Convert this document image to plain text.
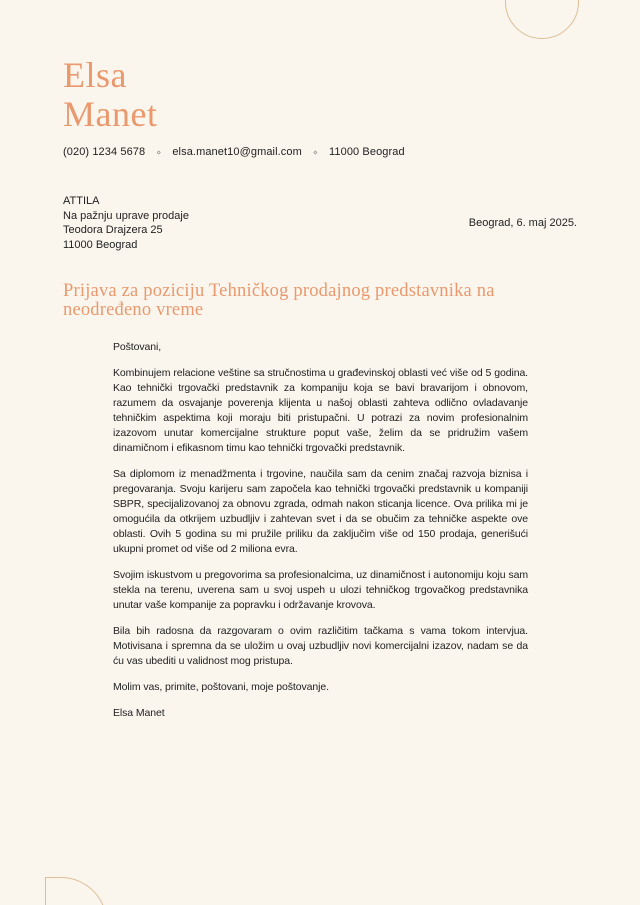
Elsa
Manet
(020) 1234 5678 ⋄ elsa.manet10@gmail.com ⋄ 11000 Beograd
ATTILA
Na pažnju uprave prodaje
Teodora Drajzera 25
11000 Beograd
Beograd, 6. maj 2025.
Prijava za poziciju Tehničkog prodajnog predstavnika na neodređeno vreme

Poštovani,

Kombinujem relacione veštine sa stručnostima u građevinskoj oblasti već više od 5 godina. Kao tehnički trgovački predstavnik za kompaniju koja se bavi bravarijom i obnovom, razumem da osvajanje poverenja klijenta u našoj oblasti zahteva odlično ovladavanje tehničkim aspektima koji moraju biti pristupačni. U potrazi za novim profesionalnim izazovom unutar komercijalne strukture poput vaše, želim da se pridružim vašem dinamičnom i efikasnom timu kao tehnički trgovački predstavnik.

Sa diplomom iz menadžmenta i trgovine, naučila sam da cenim značaj razvoja biznisa i pregovaranja. Svoju karijeru sam započela kao tehnički trgovački predstavnik u kompaniji SBPR, specijalizovanoj za obnovu zgrada, odmah nakon sticanja licence. Ova prilika mi je omogućila da otkrijem uzbudljiv i zahtevan svet i da se obučim za tehničke aspekte ove oblasti. Ovih 5 godina su mi pružile priliku da zaključim više od 150 prodaja, generišući ukupni promet od više od 2 miliona evra.

Svojim iskustvom u pregovorima sa profesionalcima, uz dinamičnost i autonomiju koju sam stekla na terenu, uverena sam u svoj uspeh u ulozi tehničkog trgovačkog predstavnika unutar vaše kompanije za popravku i održavanje krovova.

Bila bih radosna da razgovaram o ovim različitim tačkama s vama tokom intervjua. Motivisana i spremna da se uložim u ovaj uzbudljiv novi komercijalni izazov, nadam se da ću vas ubediti u validnost mog pristupa.

Molim vas, primite, poštovani, moje poštovanje.

Elsa Manet
